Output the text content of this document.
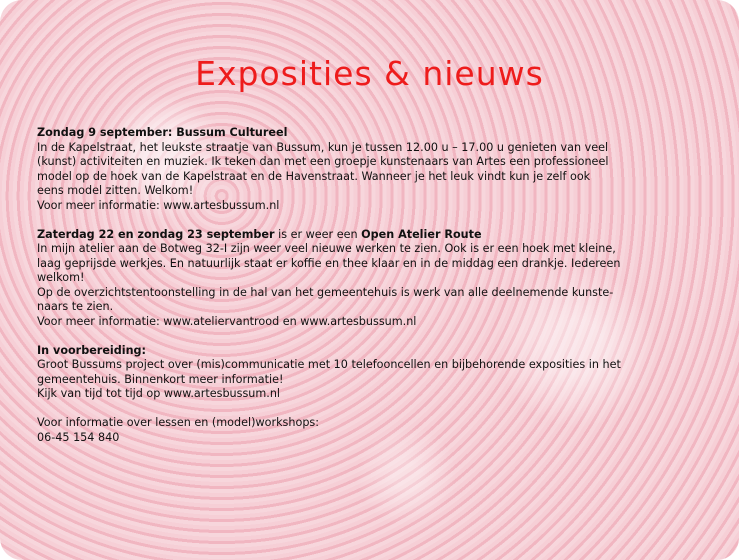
Exposities & nieuws

Zondag 9 september: Bussum Cultureel

In de Kapelstraat, het leukste straatje van Bussum, kun je tussen 12.00 u – 17.00 u genieten van veel

(kunst) activiteiten en muziek. Ik teken dan met een groepje kunstenaars van Artes een professioneel

model op de hoek van de Kapelstraat en de Havenstraat. Wanneer je het leuk vindt kun je zelf ook

eens model zitten. Welkom!

Voor meer informatie: www.artesbussum.nl

Zaterdag 22 en zondag 23 september is er weer een Open Atelier Route

In mijn atelier aan de Botweg 32-I zijn weer veel nieuwe werken te zien. Ook is er een hoek met kleine,

laag geprijsde werkjes. En natuurlijk staat er koffie en thee klaar en in de middag een drankje. Iedereen

welkom!

Op de overzichtstentoonstelling in de hal van het gemeentehuis is werk van alle deelnemende kunste-

naars te zien.

Voor meer informatie: www.ateliervantrood en www.artesbussum.nl

In voorbereiding:

Groot Bussums project over (mis)communicatie met 10 telefooncellen en bijbehorende exposities in het

gemeentehuis. Binnenkort meer informatie!

Kijk van tijd tot tijd op www.artesbussum.nl

Voor informatie over lessen en (model)workshops:

06-45 154 840
